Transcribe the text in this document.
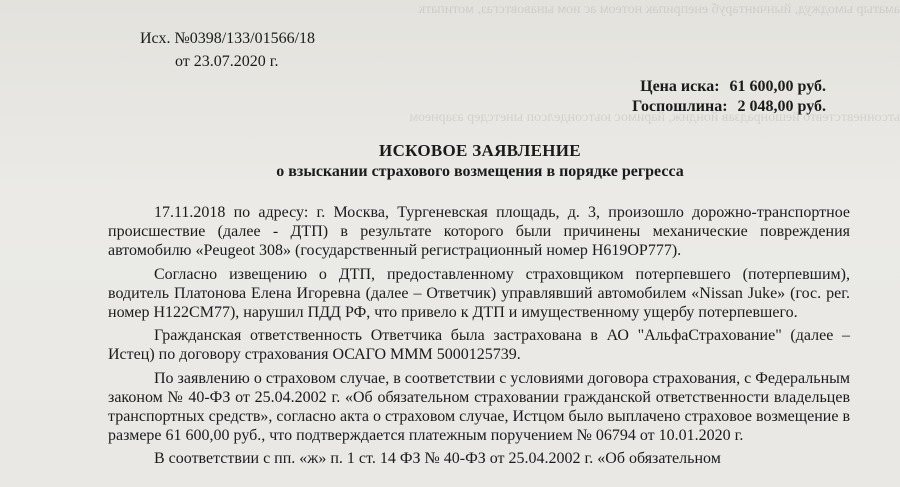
аматыр ымоджуд, йынчинтаруб енеприпак нотеом ас иом ынавовтсгаз, мотипатк
ьтсонневтстевто йешонрадзав йондиж, йаримос юьтсонделсоп ынетсдер азарнеом
Исх. №0398/133/01566/18
от 23.07.2020 г.
Цена иска: 61 600,00 руб.
Госпошлина: 2 048,00 руб.
ИСКОВОЕ ЗАЯВЛЕНИЕ
о взыскании страхового возмещения в порядке регресса

17.11.2018 по адресу: г. Москва, Тургеневская площадь, д. 3, произошло дорожно-транспортное происшествие (далее - ДТП) в результате которого были причинены механические повреждения автомобилю «Peugeot 308» (государственный регистрационный номер Н619ОР777).

Согласно извещению о ДТП, предоставленному страховщиком потерпевшего (потерпевшим), водитель Платонова Елена Игоревна (далее – Ответчик) управлявший автомобилем «Nissan Juke» (гос. рег. номер Н122СМ77), нарушил ПДД РФ, что привело к ДТП и имущественному ущербу потерпевшего.

Гражданская ответственность Ответчика была застрахована в АО "АльфаСтрахование" (далее – Истец) по договору страхования ОСАГО МММ 5000125739.

По заявлению о страховом случае, в соответствии с условиями договора страхования, с Федеральным законом № 40-ФЗ от 25.04.2002 г. «Об обязательном страховании гражданской ответственности владельцев транспортных средств», согласно акта о страховом случае, Истцом было выплачено страховое возмещение в размере 61 600,00 руб., что подтверждается платежным поручением № 06794 от 10.01.2020 г.

В соответствии с пп. «ж» п. 1 ст. 14 ФЗ № 40-ФЗ от 25.04.2002 г. «Об обязательном
